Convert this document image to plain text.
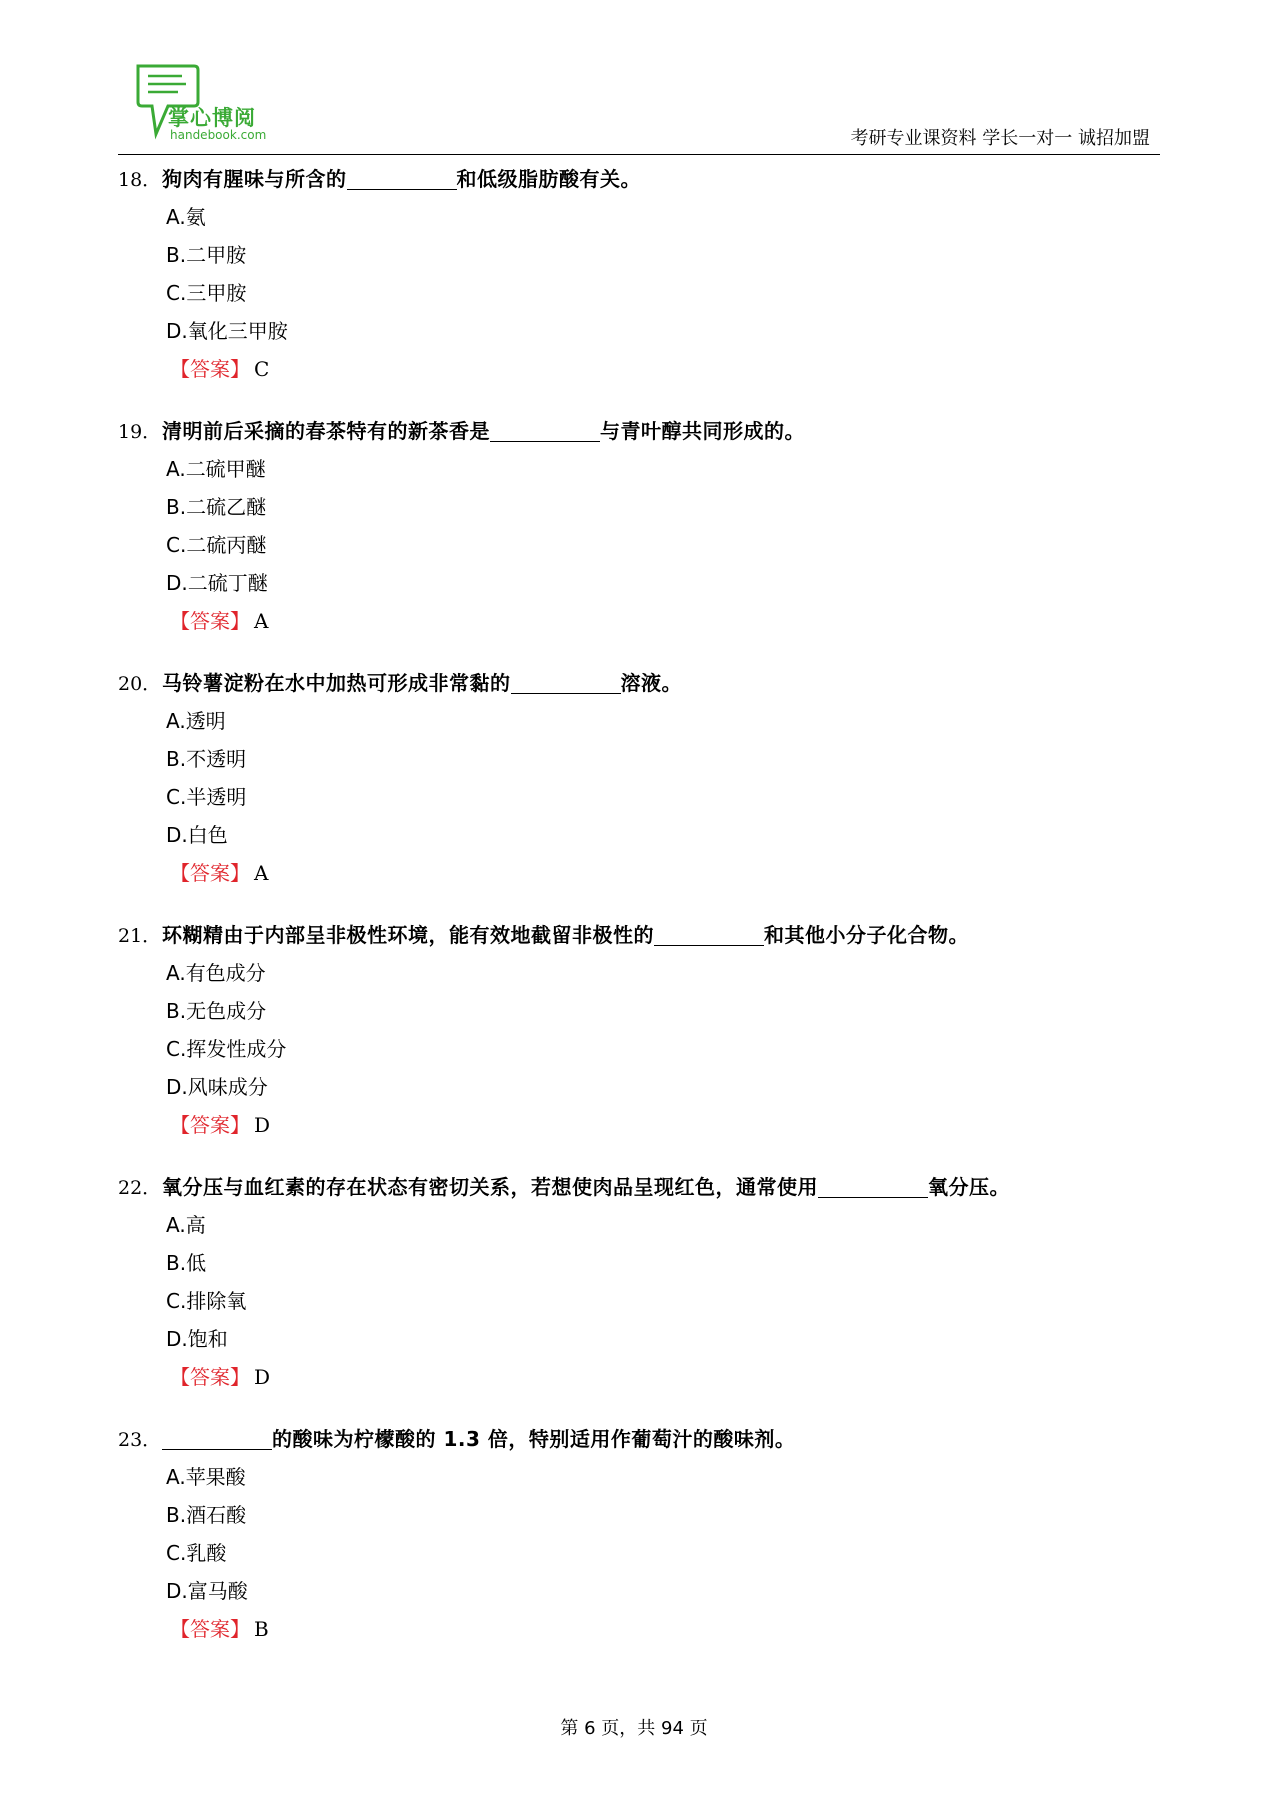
掌心博阅
handebook.com	考研专业课资料 学长一对一 诚招加盟
18．狗肉有腥味与所含的	和低级脂肪酸有关。
A.氨
B.二甲胺
C.三甲胺
D.氧化三甲胺
【答案】 C
19．清明前后采摘的春茶特有的新茶香是	与青叶醇共同形成的。
A.二硫甲醚
B.二硫乙醚
C.二硫丙醚
D.二硫丁醚
【答案】 A
20．马铃薯淀粉在水中加热可形成非常黏的	溶液。
A.透明
B.不透明
C.半透明
D.白色
【答案】 A
21．环糊精由于内部呈非极性环境，能有效地截留非极性的	和其他小分子化合物。
A.有色成分
B.无色成分
C.挥发性成分
D.风味成分
【答案】 D
22．氧分压与血红素的存在状态有密切关系，若想使肉品呈现红色，通常使用	氧分压。
A.高
B.低
C.排除氧
D.饱和
【答案】 D
23．	的酸味为柠檬酸的 1.3 倍，特别适用作葡萄汁的酸味剂。
A.苹果酸
B.酒石酸
C.乳酸
D.富马酸
【答案】 B
第 6 页，共 94 页
